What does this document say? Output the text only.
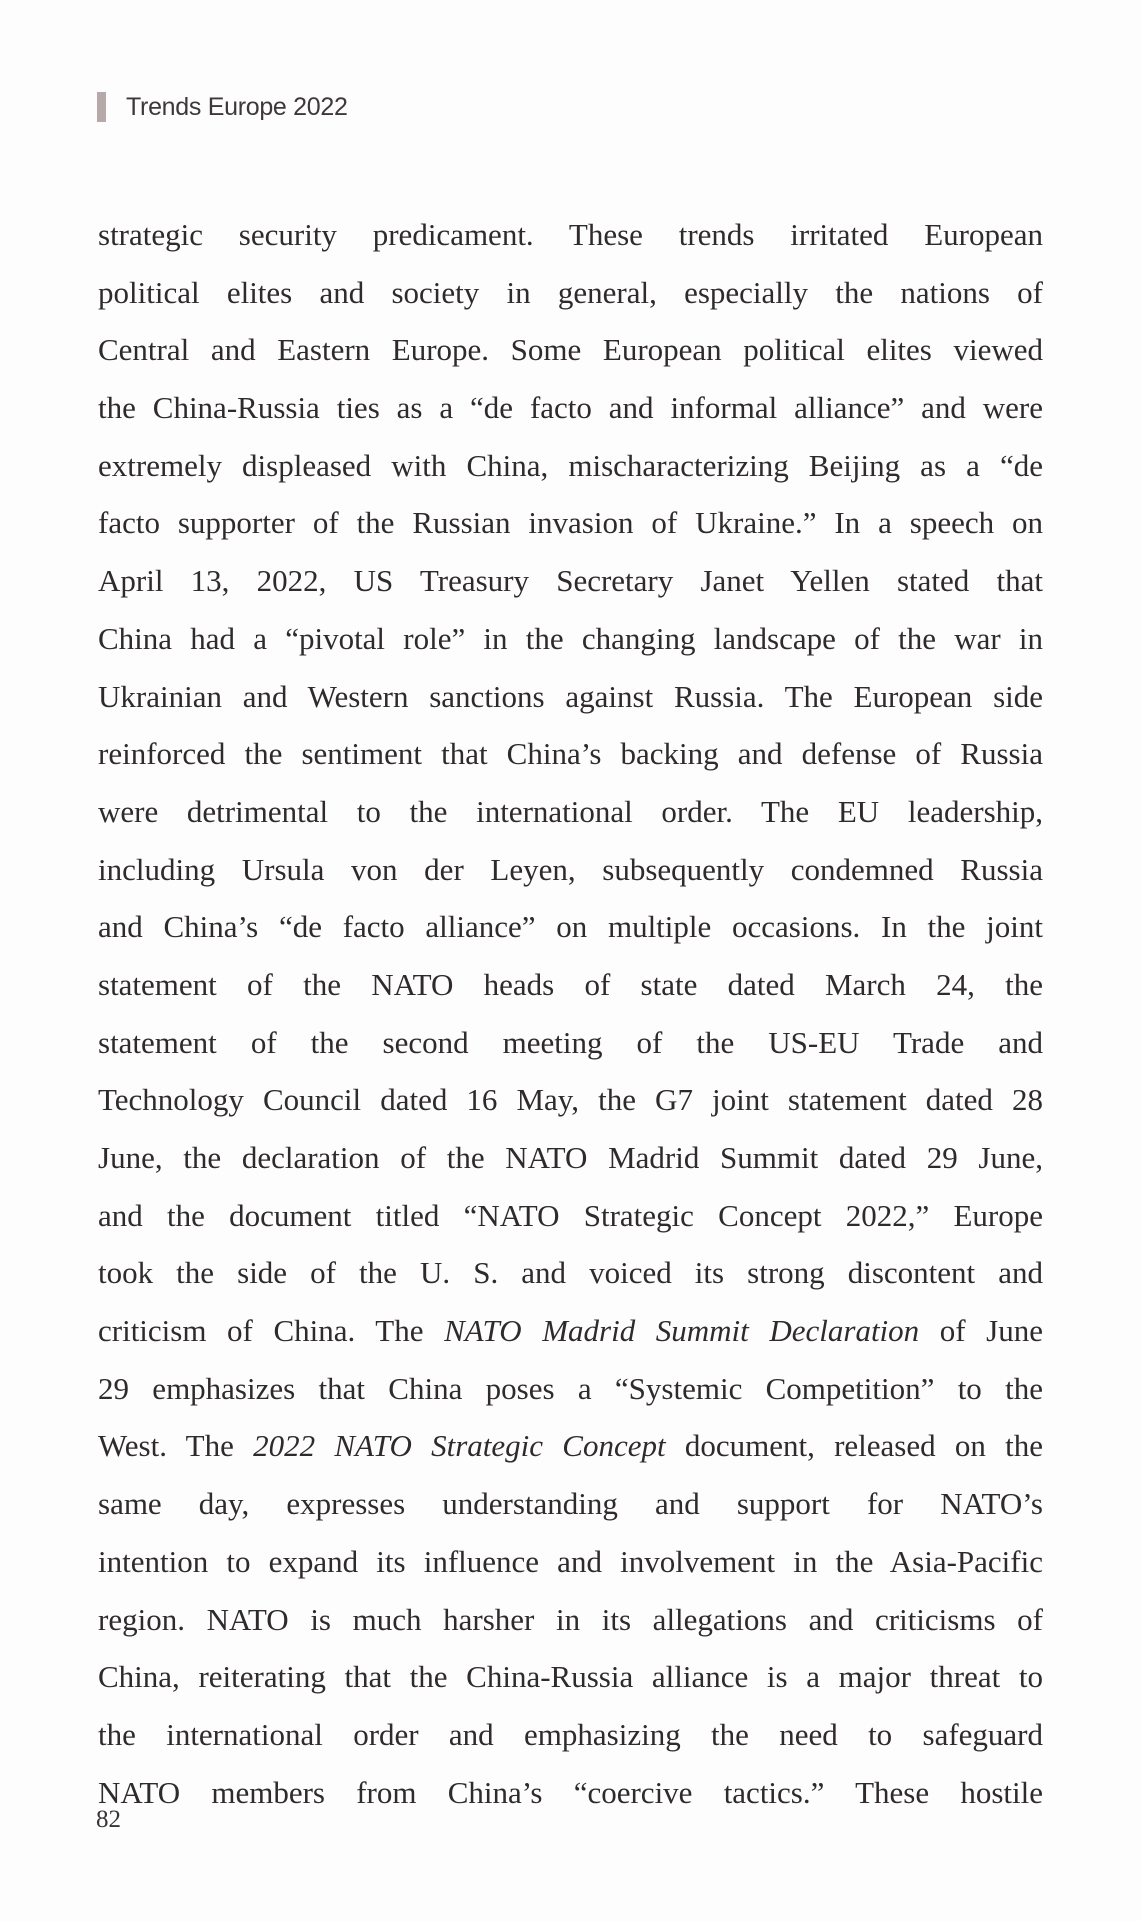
Trends Europe 2022
strategic security predicament. These trends irritated European
political elites and society in general, especially the nations of
Central and Eastern Europe. Some European political elites viewed
the China-Russia ties as a “de facto and informal alliance” and were
extremely displeased with China, mischaracterizing Beijing as a “de
facto supporter of the Russian invasion of Ukraine.” In a speech on
April 13, 2022, US Treasury Secretary Janet Yellen stated that
China had a “pivotal role” in the changing landscape of the war in
Ukrainian and Western sanctions against Russia. The European side
reinforced the sentiment that China’s backing and defense of Russia
were detrimental to the international order. The EU leadership,
including Ursula von der Leyen, subsequently condemned Russia
and China’s “de facto alliance” on multiple occasions. In the joint
statement of the NATO heads of state dated March 24, the
statement of the second meeting of the US-EU Trade and
Technology Council dated 16 May, the G7 joint statement dated 28
June, the declaration of the NATO Madrid Summit dated 29 June,
and the document titled “NATO Strategic Concept 2022,” Europe
took the side of the U. S. and voiced its strong discontent and
criticism of China. The NATO Madrid Summit Declaration of June
29 emphasizes that China poses a “Systemic Competition” to the
West. The 2022 NATO Strategic Concept document, released on the
same day, expresses understanding and support for NATO’s
intention to expand its influence and involvement in the Asia-Pacific
region. NATO is much harsher in its allegations and criticisms of
China, reiterating that the China-Russia alliance is a major threat to
the international order and emphasizing the need to safeguard
NATO members from China’s “coercive tactics.” These hostile
82
